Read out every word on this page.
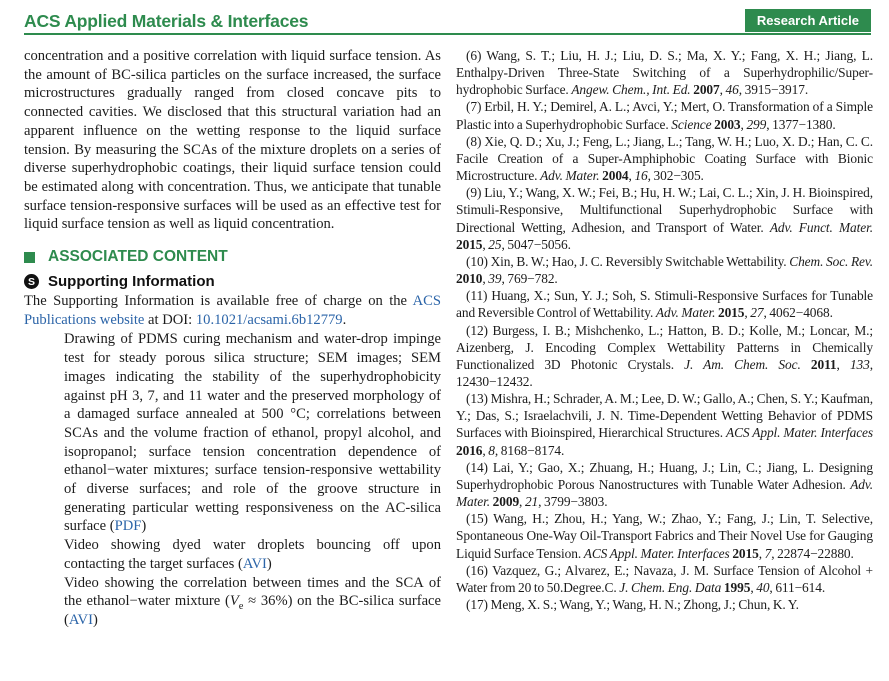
ACS Applied Materials & Interfaces	Research Article

concentration and a positive correlation with liquid surface tension. As the amount of BC-silica particles on the surface increased, the surface microstructures gradually ranged from closed concave pits to connected cavities. We disclosed that this structural variation had an apparent influence on the wetting response to the liquid surface tension. By measuring the SCAs of the mixture droplets on a series of diverse superhydrophobic coatings, their liquid surface tension could be estimated along with concentration. Thus, we anticipate that tunable surface tension-responsive surfaces will be used as an effective test for liquid surface tension as well as liquid concentration.

ASSOCIATED CONTENT
S Supporting Information

The Supporting Information is available free of charge on the ACS Publications website at DOI: 10.1021/acsami.6b12779.

Drawing of PDMS curing mechanism and water-drop impinge test for steady porous silica structure; SEM images; SEM images indicating the stability of the superhydrophobicity against pH 3, 7, and 11 water and the preserved morphology of a damaged surface annealed at 500 °C; correlations between SCAs and the volume fraction of ethanol, propyl alcohol, and isopropanol; surface tension concentration dependence of ethanol−water mixtures; surface tension-responsive wettability of diverse surfaces; and role of the groove structure in generating particular wetting responsiveness on the AC-silica surface (PDF)

Video showing dyed water droplets bouncing off upon contacting the target surfaces (AVI)

Video showing the correlation between times and the SCA of the ethanol−water mixture $(V_e \approx 36\%)$ on the BC-silica surface (AVI)

(6) Wang, S. T.; Liu, H. J.; Liu, D. S.; Ma, X. Y.; Fang, X. H.; Jiang, L. Enthalpy-Driven Three-State Switching of a Superhydrophilic/Super-hydrophobic Surface. Angew. Chem., Int. Ed. 2007, 46, 3915−3917.

(7) Erbil, H. Y.; Demirel, A. L.; Avci, Y.; Mert, O. Transformation of a Simple Plastic into a Superhydrophobic Surface. Science 2003, 299, 1377−1380.

(8) Xie, Q. D.; Xu, J.; Feng, L.; Jiang, L.; Tang, W. H.; Luo, X. D.; Han, C. C. Facile Creation of a Super-Amphiphobic Coating Surface with Bionic Microstructure. Adv. Mater. 2004, 16, 302−305.

(9) Liu, Y.; Wang, X. W.; Fei, B.; Hu, H. W.; Lai, C. L.; Xin, J. H. Bioinspired, Stimuli-Responsive, Multifunctional Superhydrophobic Surface with Directional Wetting, Adhesion, and Transport of Water. Adv. Funct. Mater. 2015, 25, 5047−5056.

(10) Xin, B. W.; Hao, J. C. Reversibly Switchable Wettability. Chem. Soc. Rev. 2010, 39, 769−782.

(11) Huang, X.; Sun, Y. J.; Soh, S. Stimuli-Responsive Surfaces for Tunable and Reversible Control of Wettability. Adv. Mater. 2015, 27, 4062−4068.

(12) Burgess, I. B.; Mishchenko, L.; Hatton, B. D.; Kolle, M.; Loncar, M.; Aizenberg, J. Encoding Complex Wettability Patterns in Chemically Functionalized 3D Photonic Crystals. J. Am. Chem. Soc. 2011, 133, 12430−12432.

(13) Mishra, H.; Schrader, A. M.; Lee, D. W.; Gallo, A.; Chen, S. Y.; Kaufman, Y.; Das, S.; Israelachvili, J. N. Time-Dependent Wetting Behavior of PDMS Surfaces with Bioinspired, Hierarchical Structures. ACS Appl. Mater. Interfaces 2016, 8, 8168−8174.

(14) Lai, Y.; Gao, X.; Zhuang, H.; Huang, J.; Lin, C.; Jiang, L. Designing Superhydrophobic Porous Nanostructures with Tunable Water Adhesion. Adv. Mater. 2009, 21, 3799−3803.

(15) Wang, H.; Zhou, H.; Yang, W.; Zhao, Y.; Fang, J.; Lin, T. Selective, Spontaneous One-Way Oil-Transport Fabrics and Their Novel Use for Gauging Liquid Surface Tension. ACS Appl. Mater. Interfaces 2015, 7, 22874−22880.

(16) Vazquez, G.; Alvarez, E.; Navaza, J. M. Surface Tension of Alcohol + Water from 20 to 50.Degree.C. J. Chem. Eng. Data 1995, 40, 611−614.

(17) Meng, X. S.; Wang, Y.; Wang, H. N.; Zhong, J.; Chun, K. Y.
